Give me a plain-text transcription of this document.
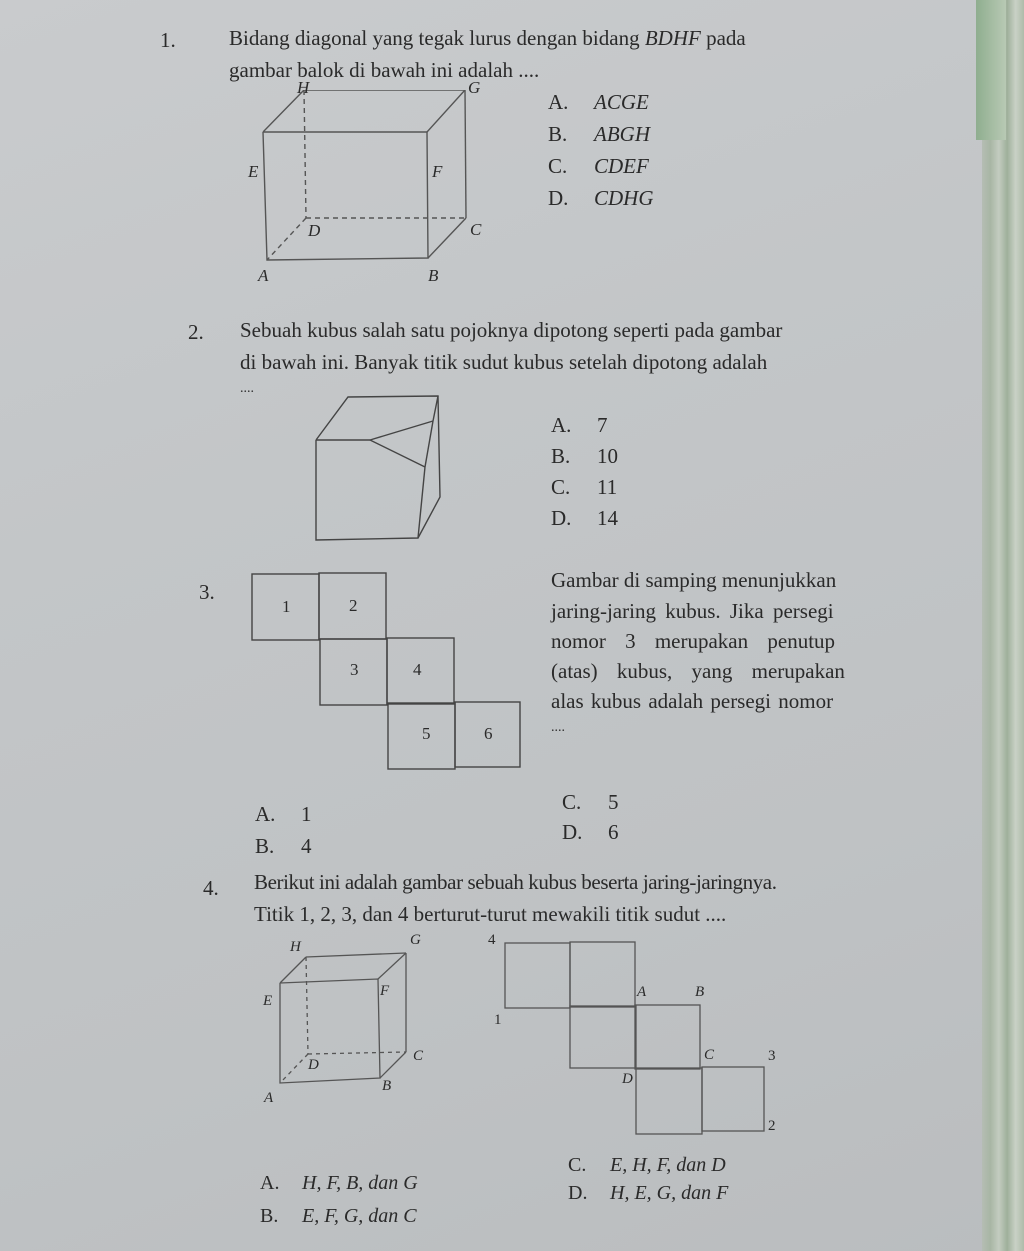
1.	Bidang diagonal yang tegak lurus dengan bidang BDHF pada
gambar balok di bawah ini adalah ....
H	G
E	F
D	C
A	B
A. ACGE
B. ABGH
C. CDEF
D. CDHG
2. Sebuah kubus salah satu pojoknya dipotong seperti pada gambar
di bawah ini. Banyak titik sudut kubus setelah dipotong adalah
....
A. 7
B. 10
C. 11
D. 14
3.
1	2
3	4
5	6
Gambar di samping menunjukkan
jaring-jaring kubus. Jika persegi
nomor 3 merupakan penutup
(atas) kubus, yang merupakan
alas kubus adalah persegi nomor
....
A. 1
B. 4
C. 5
D. 6
4. Berikut ini adalah gambar sebuah kubus beserta jaring-jaringnya.
Titik 1, 2, 3, dan 4 berturut-turut mewakili titik sudut ....
H	G
E
F
D
C
A
B
4
1
A	B
C
D
3
2
A. H, F, B, dan G
B. E, F, G, dan C
C. E, H, F, dan D
D. H, E, G, dan F
